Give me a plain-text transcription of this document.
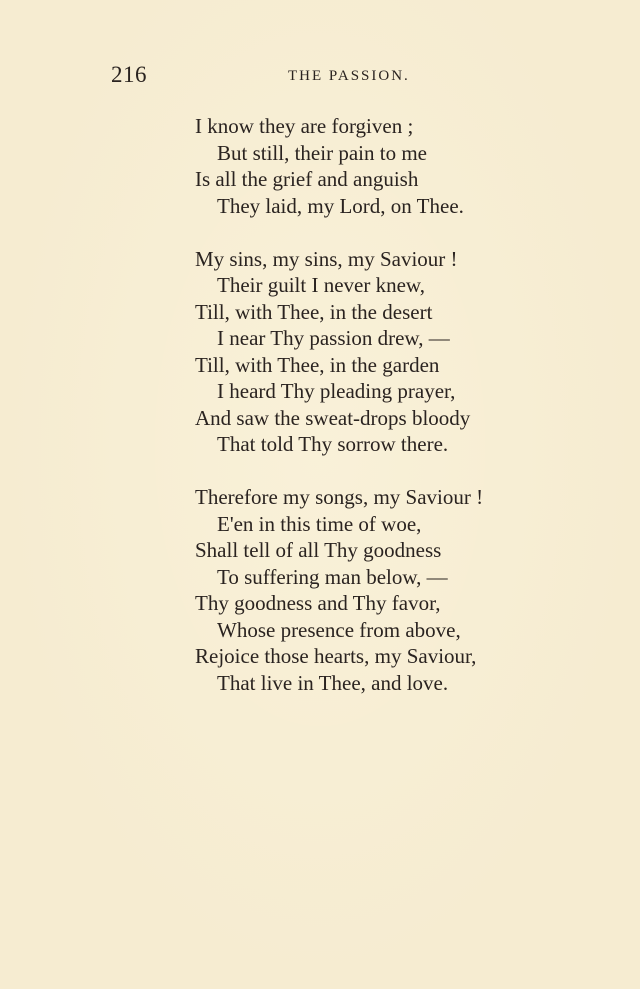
216	THE PASSION.
I know they are forgiven ;
But still, their pain to me
Is all the grief and anguish
They laid, my Lord, on Thee.
My sins, my sins, my Saviour !
Their guilt I never knew,
Till, with Thee, in the desert
I near Thy passion drew, —
Till, with Thee, in the garden
I heard Thy pleading prayer,
And saw the sweat-drops bloody
That told Thy sorrow there.
Therefore my songs, my Saviour !
E'en in this time of woe,
Shall tell of all Thy goodness
To suffering man below, —
Thy goodness and Thy favor,
Whose presence from above,
Rejoice those hearts, my Saviour,
That live in Thee, and love.
